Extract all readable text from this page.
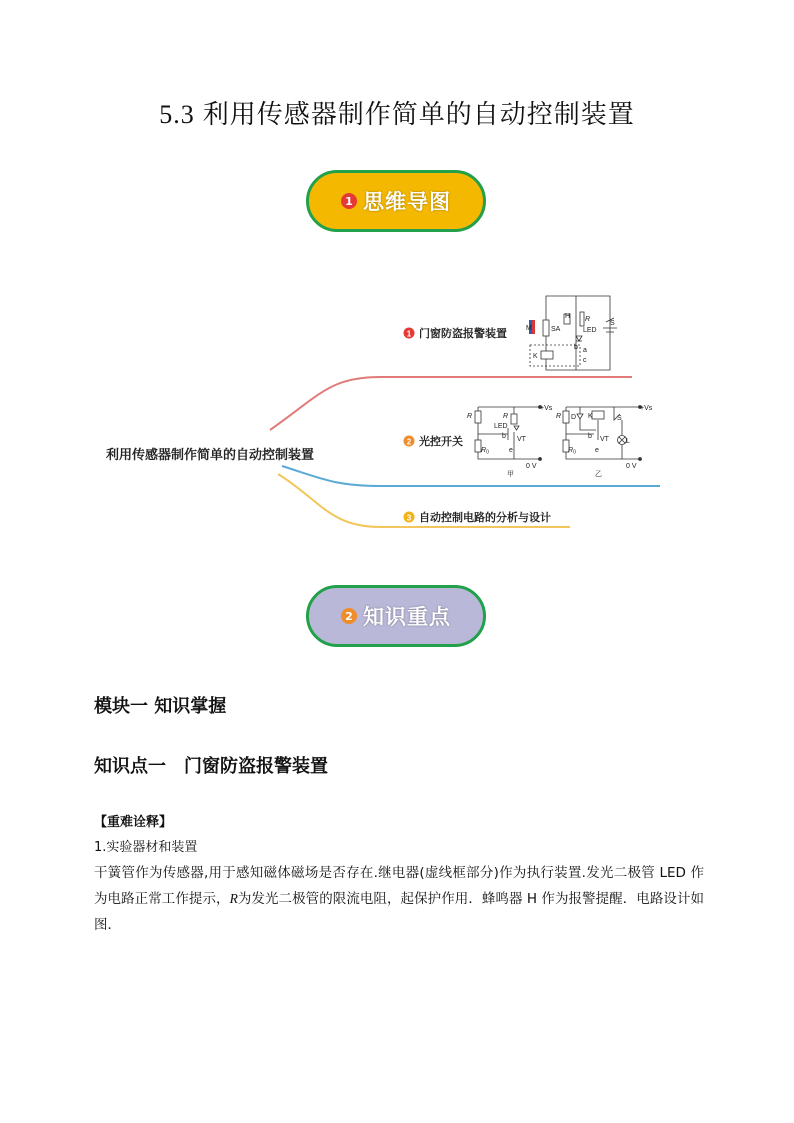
5.3 利用传感器制作简单的自动控制装置
1 思维导图
利用传感器制作简单的自动控制装置
1 门窗防盗报警装置
2 光控开关
3 自动控制电路的分析与设计
M
H R
SA	LED
S
K
a
b
c
R	R
+Vs
LED
b VT
e
$R_0$
0 V
甲
R D K	S
+Vs
b VT L
e
$R_0$
0 V
乙
2 知识重点
模块一 知识掌握
知识点一 门窗防盗报警装置
【重难诠释】
1.实验器材和装置
干簧管作为传感器,用于感知磁体磁场是否存在.继电器(虚线框部分)作为执行装置.发光二极管 LED 作为电路正常工作提示，R为发光二极管的限流电阻，起保护作用．蜂鸣器 H 作为报警提醒．电路设计如图．
